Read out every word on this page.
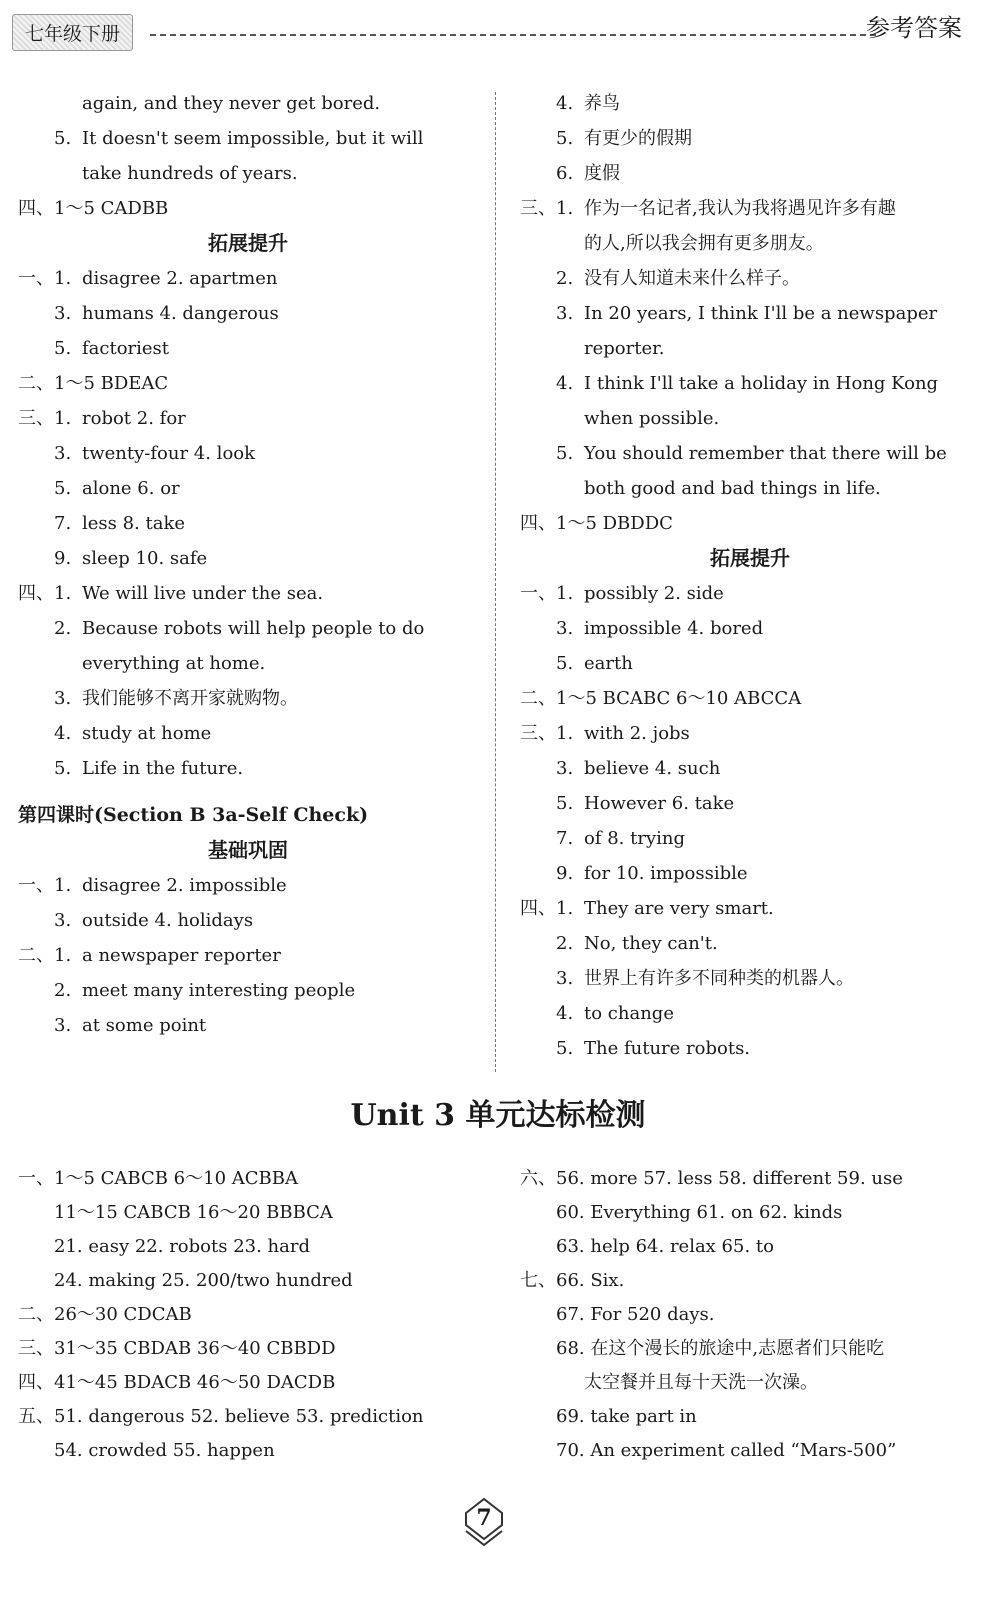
七年级下册	参考答案
again, and they never get bored.
5. It doesn't seem impossible, but it will
take hundreds of years.
四、1～5 CADBB
拓展提升
一、1. disagree 2. apartmen
3. humans 4. dangerous
5. factoriest
二、1～5 BDEAC
三、1. robot 2. for
3. twenty-four 4. look
5. alone 6. or
7. less 8. take
9. sleep 10. safe
四、1. We will live under the sea.
2. Because robots will help people to do
everything at home.
3. 我们能够不离开家就购物。
4. study at home
5. Life in the future.
第四课时(Section B 3a-Self Check)
基础巩固
一、1. disagree 2. impossible
3. outside 4. holidays
二、1. a newspaper reporter
2. meet many interesting people
3. at some point
4. 养鸟
5. 有更少的假期
6. 度假
三、1. 作为一名记者,我认为我将遇见许多有趣
的人,所以我会拥有更多朋友。
2. 没有人知道未来什么样子。
3. In 20 years, I think I'll be a newspaper
reporter.
4. I think I'll take a holiday in Hong Kong
when possible.
5. You should remember that there will be
both good and bad things in life.
四、1～5 DBDDC
拓展提升
一、1. possibly 2. side
3. impossible 4. bored
5. earth
二、1～5 BCABC 6～10 ABCCA
三、1. with 2. jobs
3. believe 4. such
5. However 6. take
7. of 8. trying
9. for 10. impossible
四、1. They are very smart.
2. No, they can't.
3. 世界上有许多不同种类的机器人。
4. to change
5. The future robots.
Unit 3 单元达标检测
一、1～5 CABCB 6～10 ACBBA
11～15 CABCB 16～20 BBBCA
21. easy 22. robots 23. hard
24. making 25. 200/two hundred
二、26～30 CDCAB
三、31～35 CBDAB 36～40 CBBDD
四、41～45 BDACB 46～50 DACDB
五、51. dangerous 52. believe 53. prediction
54. crowded 55. happen
六、56. more 57. less 58. different 59. use
60. Everything 61. on 62. kinds
63. help 64. relax 65. to
七、66. Six.
67. For 520 days.
68. 在这个漫长的旅途中,志愿者们只能吃
太空餐并且每十天洗一次澡。
69. take part in
70. An experiment called “Mars-500”
7
